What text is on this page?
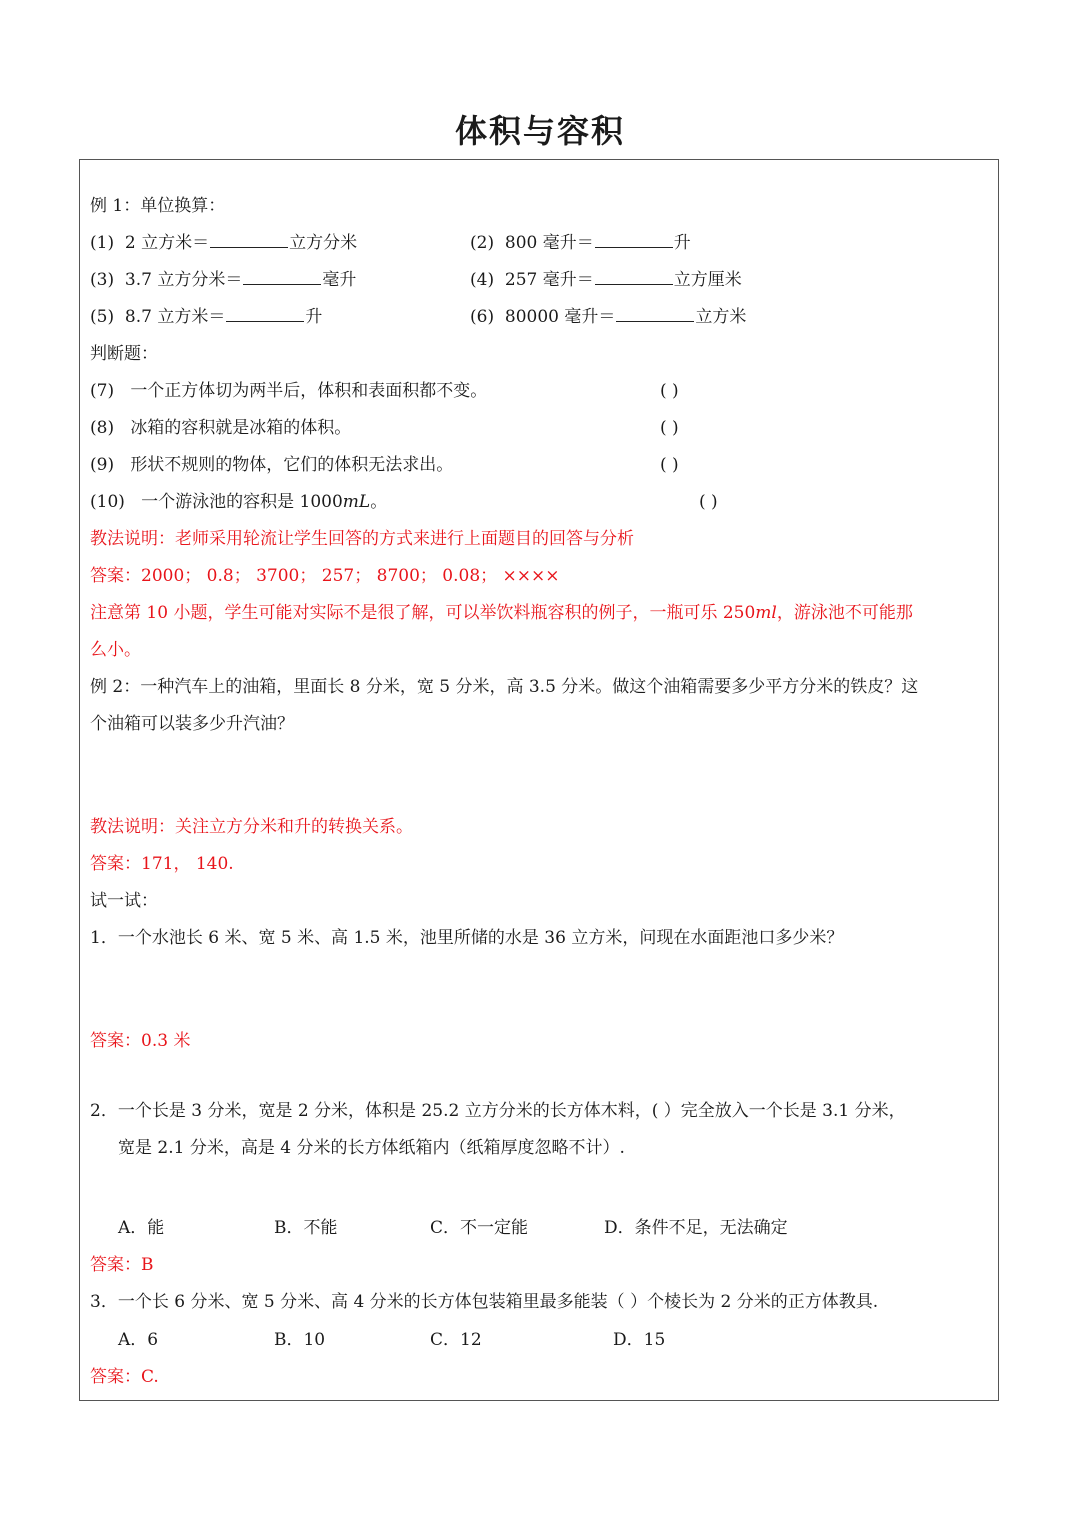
体积与容积
例 1：单位换算：
(1) 2 立方米＝	立方分米	(2) 800 毫升＝	升
(3) 3.7 立方分米＝	毫升	(4) 257 毫升＝	立方厘米
(5) 8.7 立方米＝	升	(6) 80000 毫升＝	立方米
判断题：
(7) 一个正方体切为两半后，体积和表面积都不变。	( )
(8) 冰箱的容积就是冰箱的体积。	( )
(9) 形状不规则的物体，它们的体积无法求出。	( )
(10) 一个游泳池的容积是 1000mL。	( )
教法说明：老师采用轮流让学生回答的方式来进行上面题目的回答与分析
答案：2000； 0.8； 3700； 257； 8700； 0.08； ××××
注意第 10 小题，学生可能对实际不是很了解，可以举饮料瓶容积的例子，一瓶可乐 250ml，游泳池不可能那
么小。
例 2：一种汽车上的油箱，里面长 8 分米，宽 5 分米，高 3.5 分米。做这个油箱需要多少平方分米的铁皮？这
个油箱可以装多少升汽油？
教法说明：关注立方分米和升的转换关系。
答案：171， 140.
试一试：
1．一个水池长 6 米、宽 5 米、高 1.5 米，池里所储的水是 36 立方米，问现在水面距池口多少米？
答案：0.3 米
2．一个长是 3 分米，宽是 2 分米，体积是 25.2 立方分米的长方体木料，( ）完全放入一个长是 3.1 分米，
宽是 2.1 分米，高是 4 分米的长方体纸箱内（纸箱厚度忽略不计）.
A．能	B．不能	C．不一定能	D．条件不足，无法确定
答案：B
3．一个长 6 分米、宽 5 分米、高 4 分米的长方体包装箱里最多能装（ ）个棱长为 2 分米的正方体教具.
A．6	B．10	C．12	D．15
答案：C.
